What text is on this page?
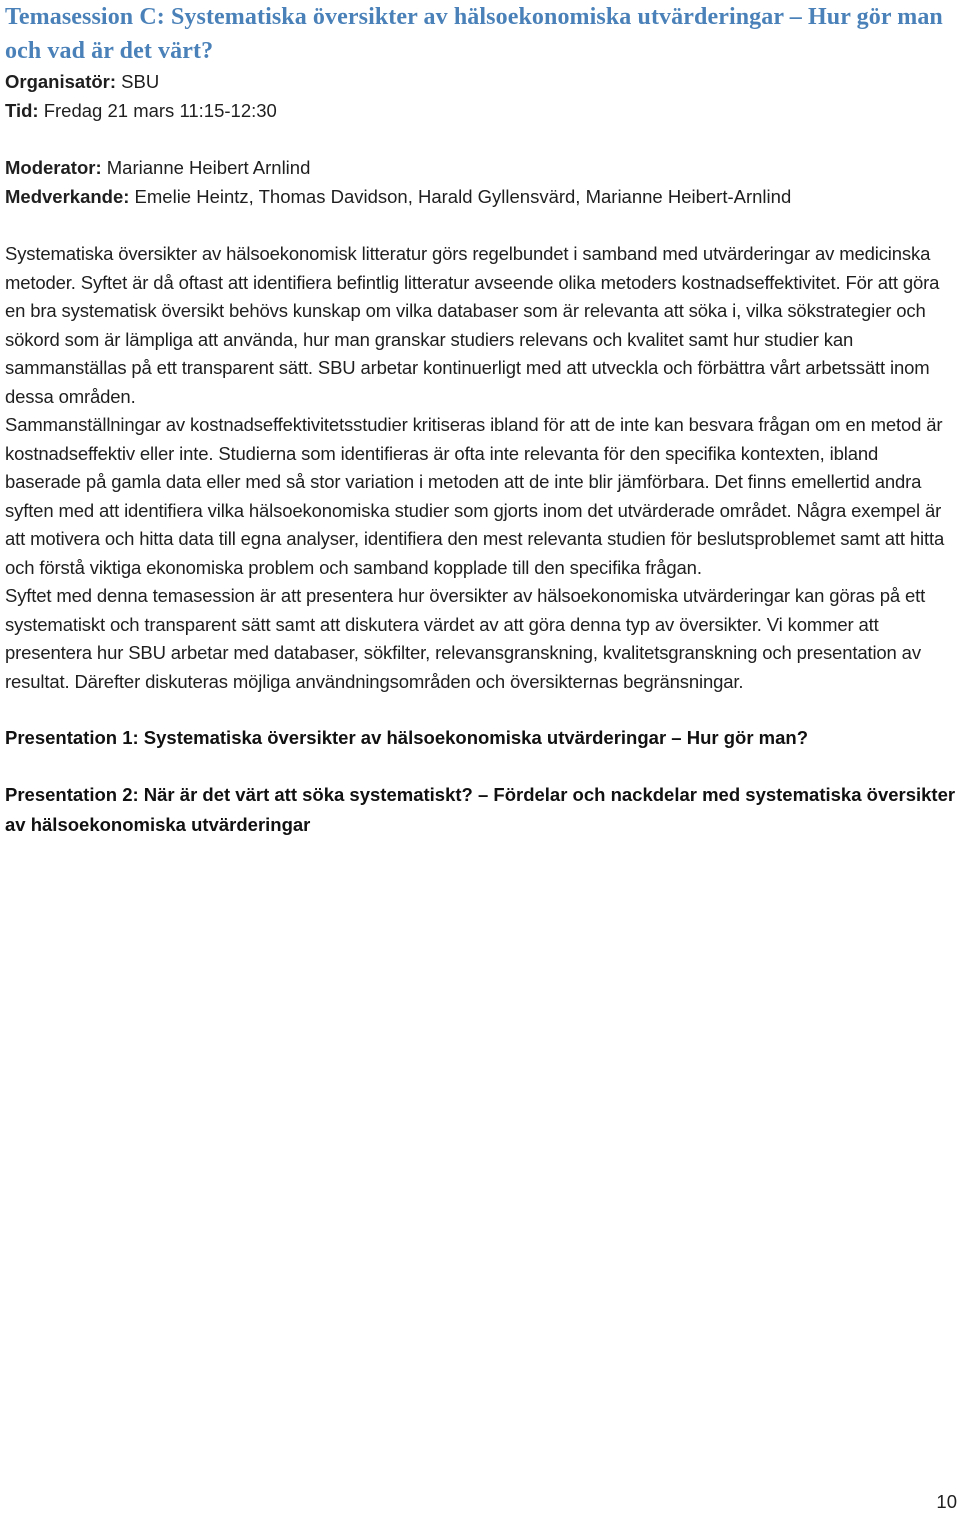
Temasession C: Systematiska översikter av hälsoekonomiska utvärderingar – Hur gör man och vad är det värt?
Organisatör: SBU
Tid: Fredag 21 mars 11:15-12:30
Moderator: Marianne Heibert Arnlind
Medverkande: Emelie Heintz, Thomas Davidson, Harald Gyllensvärd, Marianne Heibert-Arnlind

Systematiska översikter av hälsoekonomisk litteratur görs regelbundet i samband med utvärderingar av medicinska metoder. Syftet är då oftast att identifiera befintlig litteratur avseende olika metoders kostnadseffektivitet. För att göra en bra systematisk översikt behövs kunskap om vilka databaser som är relevanta att söka i, vilka sökstrategier och sökord som är lämpliga att använda, hur man granskar studiers relevans och kvalitet samt hur studier kan sammanställas på ett transparent sätt. SBU arbetar kontinuerligt med att utveckla och förbättra vårt arbetssätt inom dessa områden.

Sammanställningar av kostnadseffektivitetsstudier kritiseras ibland för att de inte kan besvara frågan om en metod är kostnadseffektiv eller inte. Studierna som identifieras är ofta inte relevanta för den specifika kontexten, ibland baserade på gamla data eller med så stor variation i metoden att de inte blir jämförbara. Det finns emellertid andra syften med att identifiera vilka hälsoekonomiska studier som gjorts inom det utvärderade området. Några exempel är att motivera och hitta data till egna analyser, identifiera den mest relevanta studien för beslutsproblemet samt att hitta och förstå viktiga ekonomiska problem och samband kopplade till den specifika frågan.

Syftet med denna temasession är att presentera hur översikter av hälsoekonomiska utvärderingar kan göras på ett systematiskt och transparent sätt samt att diskutera värdet av att göra denna typ av översikter. Vi kommer att presentera hur SBU arbetar med databaser, sökfilter, relevansgranskning, kvalitetsgranskning och presentation av resultat. Därefter diskuteras möjliga användningsområden och översikternas begränsningar.

Presentation 1: Systematiska översikter av hälsoekonomiska utvärderingar – Hur gör man?

Presentation 2: När är det värt att söka systematiskt? – Fördelar och nackdelar med systematiska översikter av hälsoekonomiska utvärderingar

10
